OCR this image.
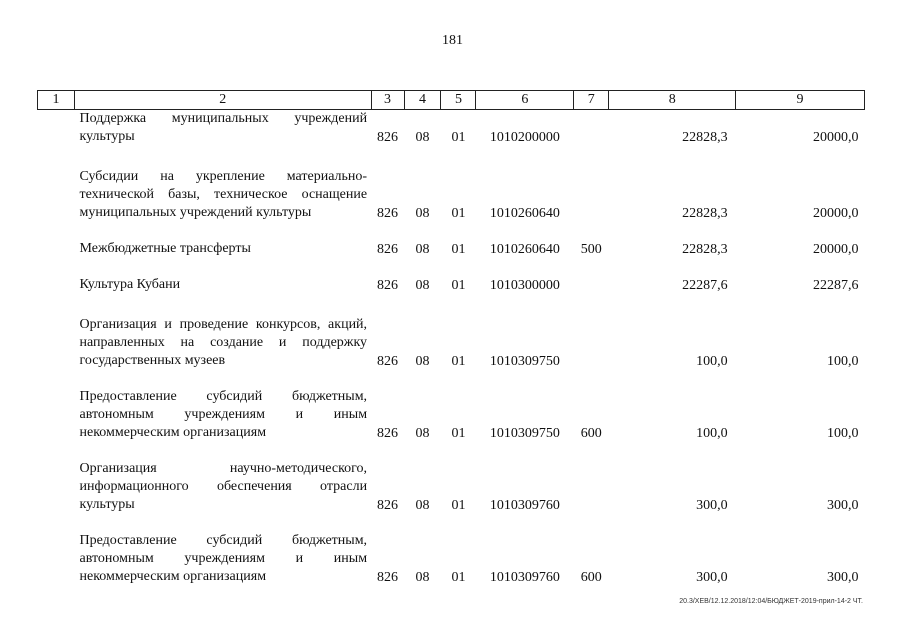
181
1	2	3	4	5	6	7	8	9
Поддержка муниципальных учреждений культуры		826	08	01	1010200000		22828,3	20000,0

Субсидии на укрепление материально-технической базы, техническое оснащение муниципальных учреждений культуры		826	08	01	1010260640		22828,3	20000,0

Межбюджетные трансферты		826	08	01	1010260640	500	22828,3	20000,0

Культура Кубани		826	08	01	1010300000		22287,6	22287,6

Организация и проведение конкурсов, акций, направленных на создание и поддержку государственных музеев		826	08	01	1010309750		100,0	100,0

Предоставление субсидий бюджетным, автономным учреждениям и иным некоммерческим организациям		826	08	01	1010309750	600	100,0	100,0

Организация научно-методического, информационного обеспечения отрасли культуры		826	08	01	1010309760		300,0	300,0

Предоставление субсидий бюджетным, автономным учреждениям и иным некоммерческим организациям		826	08	01	1010309760	600	300,0	300,0
20.3/ХЕВ/12.12.2018/12:04/БЮДЖЕТ-2019-прил-14-2 ЧТ.
